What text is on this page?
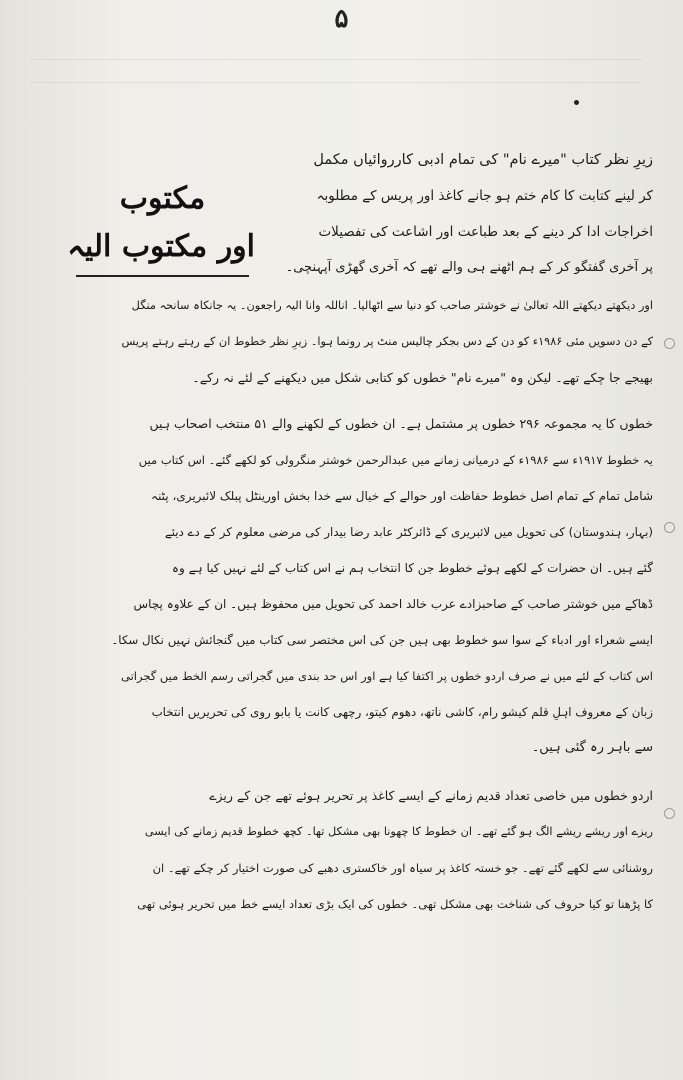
۵
مکتوب
اور مکتوب الیہ
زیرِ نظر کتاب "میرے نام" کی تمام ادبی کارروائیاں مکمل
کر لینے کتابت کا کام ختم ہو جانے کاغذ اور پریس کے مطلوبہ
اخراجات ادا کر دینے کے بعد طباعت اور اشاعت کی تفصیلات
پر آخری گفتگو کر کے ہم اٹھنے ہی والے تھے کہ آخری گھڑی آپہنچی۔
اور دیکھتے دیکھتے اللہ تعالیٰ نے خوشتر صاحب کو دنیا سے اٹھالیا۔ اناللہ وانا الیہ راجعون۔ یہ جانکاہ سانحہ منگل
کے دن دسویں مئی ۱۹۸۶ء کو دن کے دس بجکر چالیس منٹ پر رونما ہوا۔ زیرِ نظر خطوط ان کے رہتے رہتے پریس
بھیجے جا چکے تھے۔ لیکن وہ "میرے نام" خطوں کو کتابی شکل میں دیکھنے کے لئے نہ رکے۔
خطوں کا یہ مجموعہ ۲۹۶ خطوں پر مشتمل ہے۔ ان خطوں کے لکھنے والے ۵۱ منتخب اصحاب ہیں
یہ خطوط ۱۹۱۷ء سے ۱۹۸۶ء کے درمیانی زمانے میں عبدالرحمن خوشتر منگرولی کو لکھے گئے۔ اس کتاب میں
شامل تمام کے تمام اصل خطوط حفاظت اور حوالے کے خیال سے خدا بخش اورینٹل پبلک لائبریری، پٹنہ
(بہار، ہندوستان) کی تحویل میں لائبریری کے ڈائرکٹر عابد رضا بیدار کی مرضی معلوم کر کے دے دیئے
گئے ہیں۔ ان حضرات کے لکھے ہوئے خطوط جن کا انتخاب ہم نے اس کتاب کے لئے نہیں کیا ہے وہ
ڈھاکے میں خوشتر صاحب کے صاحبزادے عرب خالد احمد کی تحویل میں محفوظ ہیں۔ ان کے علاوہ پچاس
ایسے شعراء اور ادباء کے سوا سو خطوط بھی ہیں جن کی اس مختصر سی کتاب میں گنجائش نہیں نکال سکا۔
اس کتاب کے لئے میں نے صرف اردو خطوں پر اکتفا کیا ہے اور اس حد بندی میں گجراتی رسم الخط میں گجراتی
زبان کے معروف اہلِ قلم کیشو رام، کاشی ناتھ، دھوم کیتو، رچھی کانت یا بابو روی کی تحریریں انتخاب
سے باہر رہ گئی ہیں۔
اردو خطوں میں خاصی تعداد قدیم زمانے کے ایسے کاغذ پر تحریر ہوئے تھے جن کے ریزے
ریزے اور ریشے ریشے الگ ہو گئے تھے۔ ان خطوط کا چھونا بھی مشکل تھا۔ کچھ خطوط قدیم زمانے کی ایسی
روشنائی سے لکھے گئے تھے۔ جو خستہ کاغذ پر سیاہ اور خاکستری دھبے کی صورت اختیار کر چکے تھے۔ ان
کا پڑھنا تو کیا حروف کی شناخت بھی مشکل تھی۔ خطوں کی ایک بڑی تعداد ایسے خط میں تحریر ہوئی تھی
